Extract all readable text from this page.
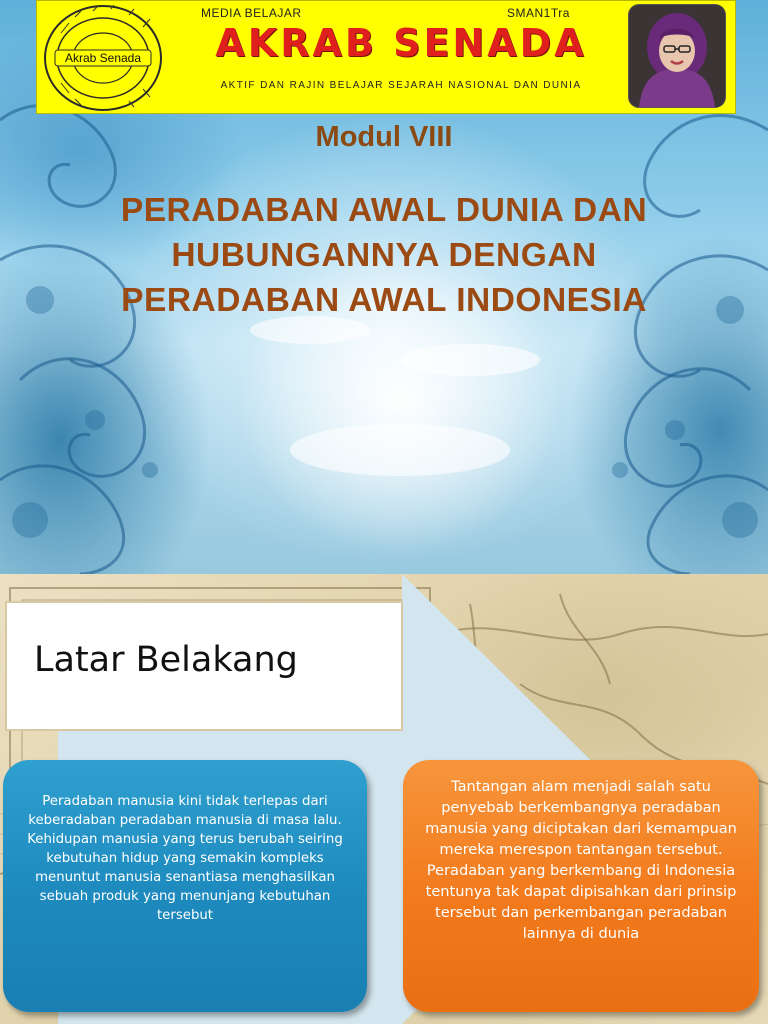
Akrab Senada
MEDIA BELAJAR	SMAN1Tra
AKRAB SENADA
AKTIF DAN RAJIN BELAJAR SEJARAH NASIONAL DAN DUNIA
Modul VIII
PERADABAN AWAL DUNIA DAN
HUBUNGANNYA DENGAN
PERADABAN AWAL INDONESIA
Latar Belakang
Peradaban manusia kini tidak terlepas dari keberadaban peradaban manusia di masa lalu. Kehidupan manusia yang terus berubah seiring kebutuhan hidup yang semakin kompleks menuntut manusia senantiasa menghasilkan sebuah produk yang menunjang kebutuhan tersebut
Tantangan alam menjadi salah satu penyebab berkembangnya peradaban manusia yang diciptakan dari kemampuan mereka merespon tantangan tersebut. Peradaban yang berkembang di Indonesia tentunya tak dapat dipisahkan dari prinsip tersebut dan perkembangan peradaban lainnya di dunia
